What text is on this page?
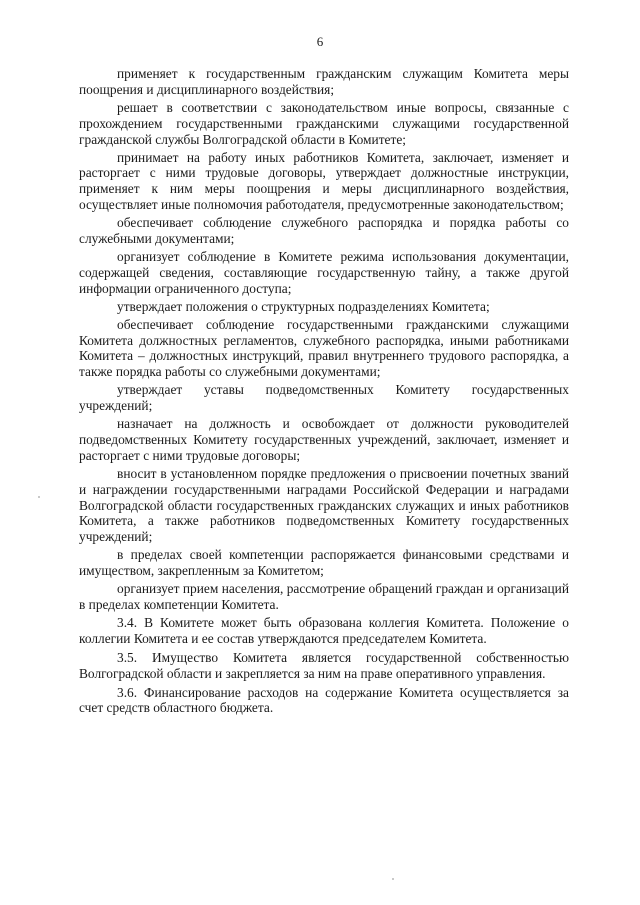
6

применяет к государственным гражданским служащим Комитета меры поощрения и дисциплинарного воздействия;

решает в соответствии с законодательством иные вопросы, связанные с прохождением государственными гражданскими служащими государственной гражданской службы Волгоградской области в Комитете;

принимает на работу иных работников Комитета, заключает, изменяет и расторгает с ними трудовые договоры, утверждает должностные инструкции, применяет к ним меры поощрения и меры дисциплинарного воздействия, осуществляет иные полномочия работодателя, предусмотренные законодательством;

обеспечивает соблюдение служебного распорядка и порядка работы со служебными документами;

организует соблюдение в Комитете режима использования документации, содержащей сведения, составляющие государственную тайну, а также другой информации ограниченного доступа;

утверждает положения о структурных подразделениях Комитета;

обеспечивает соблюдение государственными гражданскими служащими Комитета должностных регламентов, служебного распорядка, иными работниками Комитета – должностных инструкций, правил внутреннего трудового распорядка, а также порядка работы со служебными документами;

утверждает уставы подведомственных Комитету государственных учреждений;

назначает на должность и освобождает от должности руководителей подведомственных Комитету государственных учреждений, заключает, изменяет и расторгает с ними трудовые договоры;

вносит в установленном порядке предложения о присвоении почетных званий и награждении государственными наградами Российской Федерации и наградами Волгоградской области государственных гражданских служащих и иных работников Комитета, а также работников подведомственных Комитету государственных учреждений;

в пределах своей компетенции распоряжается финансовыми средствами и имуществом, закрепленным за Комитетом;

организует прием населения, рассмотрение обращений граждан и организаций в пределах компетенции Комитета.

3.4. В Комитете может быть образована коллегия Комитета. Положение о коллегии Комитета и ее состав утверждаются председателем Комитета.

3.5. Имущество Комитета является государственной собственностью Волгоградской области и закрепляется за ним на праве оперативного управления.

3.6. Финансирование расходов на содержание Комитета осуществляется за счет средств областного бюджета.
